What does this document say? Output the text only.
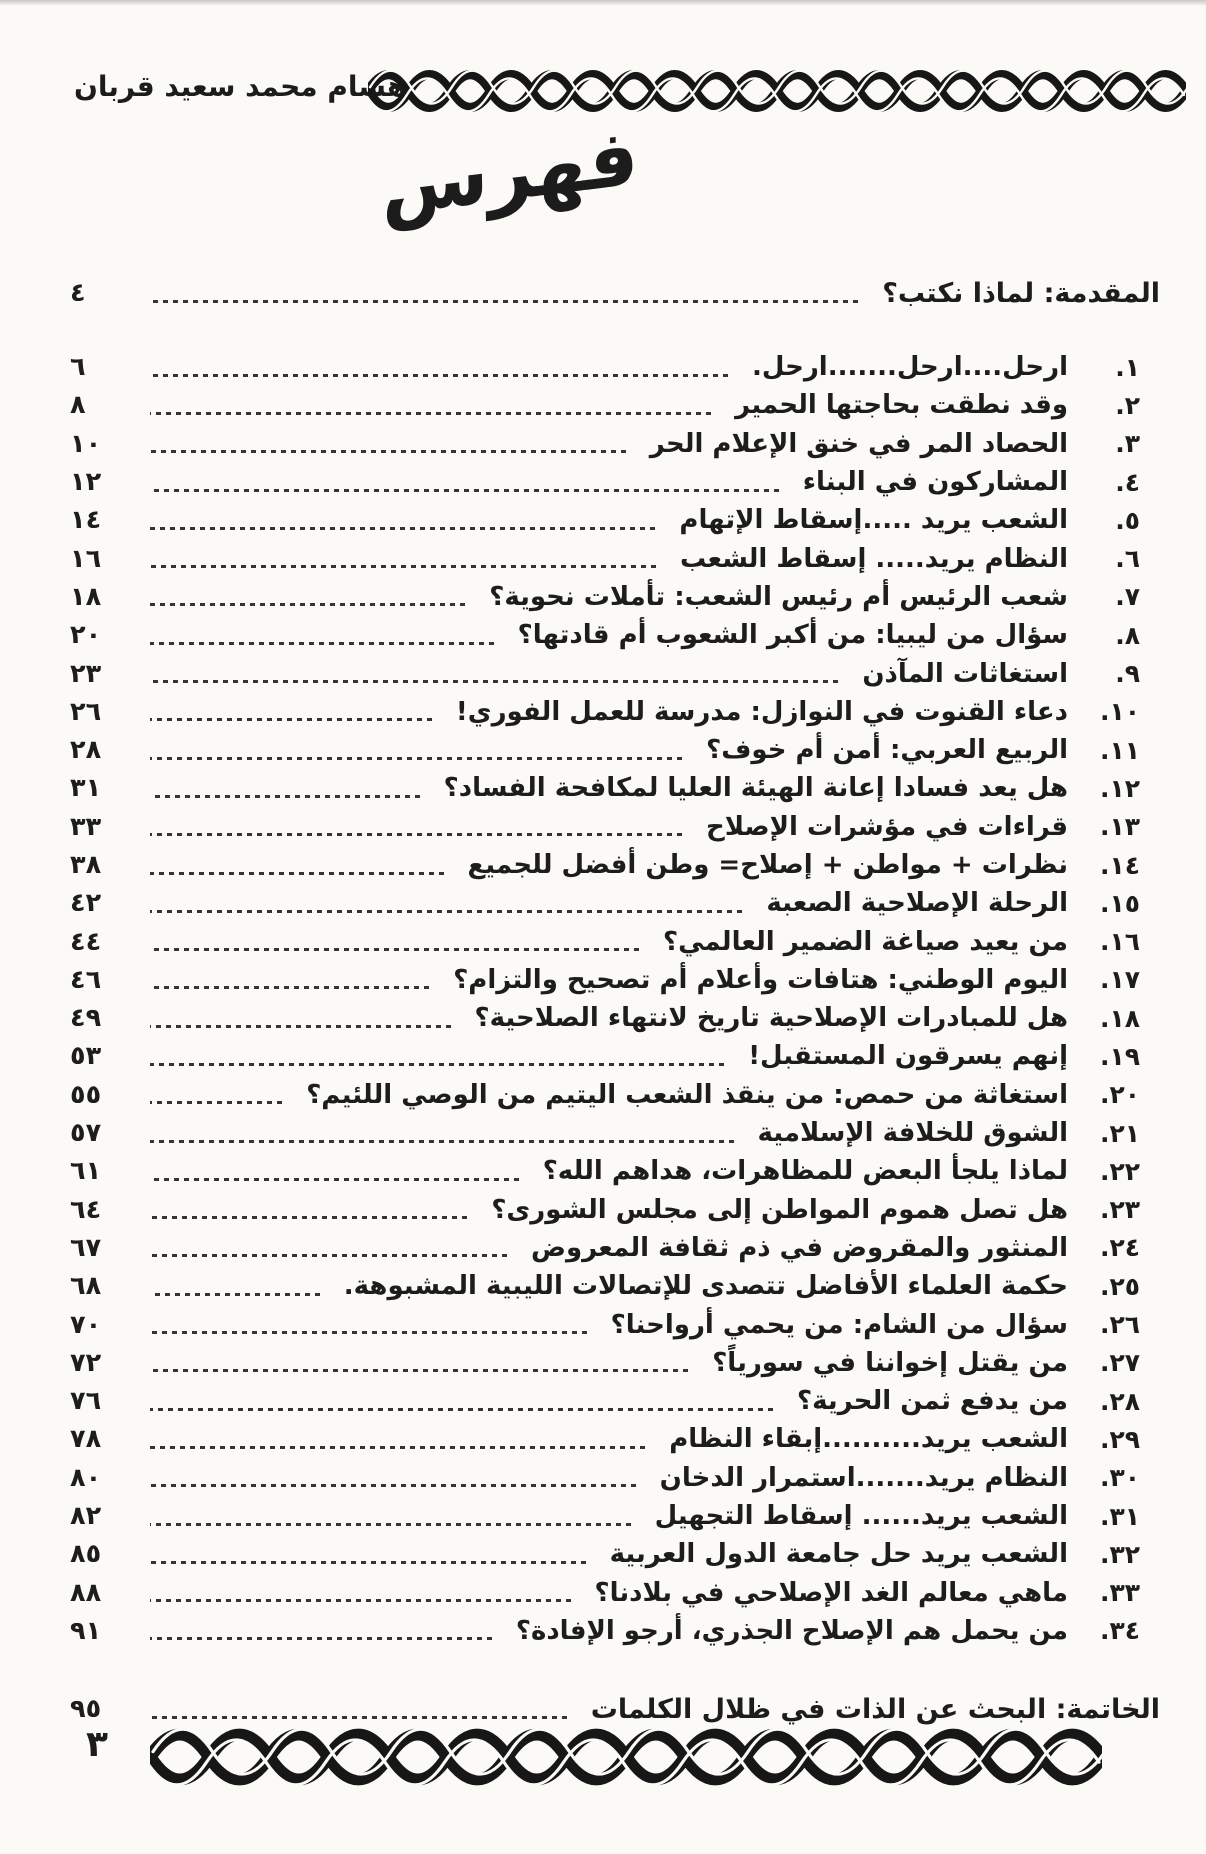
هشام محمد سعيد قربان
فهرس
المقدمة: لماذا نكتب؟
٤
١.
ارحل....ارحل.......ارحل.
٦
٢.
وقد نطقت بحاجتها الحمير
٨
٣.
الحصاد المر في خنق الإعلام الحر
١٠
٤.
المشاركون في البناء
١٢
٥.
الشعب يريد .....إسقاط الإتهام
١٤
٦.
النظام يريد..... إسقاط الشعب
١٦
٧.
شعب الرئيس أم رئيس الشعب: تأملات نحوية؟
١٨
٨.
سؤال من ليبيا: من أكبر الشعوب أم قادتها؟
٢٠
٩.
استغاثات المآذن
٢٣
١٠.
دعاء القنوت في النوازل: مدرسة للعمل الفوري!
٢٦
١١.
الربيع العربي: أمن أم خوف؟
٢٨
١٢.
هل يعد فسادا إعانة الهيئة العليا لمكافحة الفساد؟
٣١
١٣.
قراءات في مؤشرات الإصلاح
٣٣
١٤.
نظرات + مواطن + إصلاح= وطن أفضل للجميع
٣٨
١٥.
الرحلة الإصلاحية الصعبة
٤٢
١٦.
من يعيد صياغة الضمير العالمي؟
٤٤
١٧.
اليوم الوطني: هتافات وأعلام أم تصحيح والتزام؟
٤٦
١٨.
هل للمبادرات الإصلاحية تاريخ لانتهاء الصلاحية؟
٤٩
١٩.
إنهم يسرقون المستقبل!
٥٣
٢٠.
استغاثة من حمص: من ينقذ الشعب اليتيم من الوصي اللئيم؟
٥٥
٢١.
الشوق للخلافة الإسلامية
٥٧
٢٢.
لماذا يلجأ البعض للمظاهرات، هداهم الله؟
٦١
٢٣.
هل تصل هموم المواطن إلى مجلس الشورى؟
٦٤
٢٤.
المنثور والمقروض في ذم ثقافة المعروض
٦٧
٢٥.
حكمة العلماء الأفاضل تتصدى للإتصالات الليبية المشبوهة.
٦٨
٢٦.
سؤال من الشام: من يحمي أرواحنا؟
٧٠
٢٧.
من يقتل إخواننا في سورياً؟
٧٢
٢٨.
من يدفع ثمن الحرية؟
٧٦
٢٩.
الشعب يريد..........إبقاء النظام
٧٨
٣٠.
النظام يريد.......استمرار الدخان
٨٠
٣١.
الشعب يريد...... إسقاط التجهيل
٨٢
٣٢.
الشعب يريد حل جامعة الدول العربية
٨٥
٣٣.
ماهي معالم الغد الإصلاحي في بلادنا؟
٨٨
٣٤.
من يحمل هم الإصلاح الجذري، أرجو الإفادة؟
٩١
الخاتمة: البحث عن الذات في ظلال الكلمات
٩٥
٣
